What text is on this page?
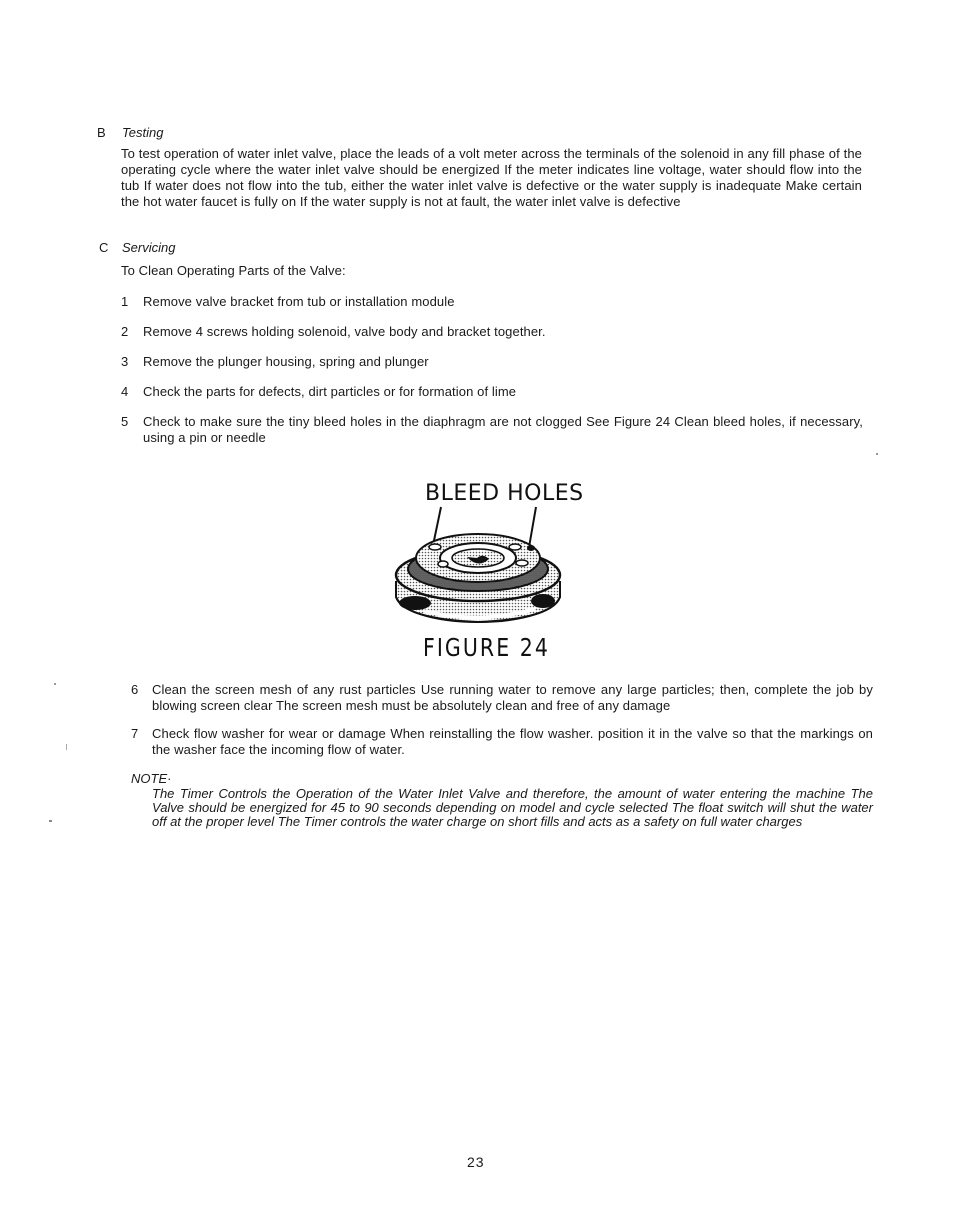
B Testing

To test operation of water inlet valve, place the leads of a volt meter across the terminals of the solenoid in any fill phase of the operating cycle where the water inlet valve should be energized If the meter indicates line voltage, water should flow into the tub If water does not flow into the tub, either the water inlet valve is defective or the water supply is inadequate Make certain the hot water faucet is fully on If the water supply is not at fault, the water inlet valve is defective

C Servicing

To Clean Operating Parts of the Valve:

1	Remove valve bracket from tub or installation module
2	Remove 4 screws holding solenoid, valve body and bracket together.
3	Remove the plunger housing, spring and plunger
4	Check the parts for defects, dirt particles or for formation of lime
5	Check to make sure the tiny bleed holes in the diaphragm are not clogged See Figure 24 Clean bleed holes, if necessary, using a pin or needle
BLEED HOLES
FIGURE 24
6	Clean the screen mesh of any rust particles Use running water to remove any large particles; then, complete the job by blowing screen clear The screen mesh must be absolutely clean and free of any damage
7	Check flow washer for wear or damage When reinstalling the flow washer. position it in the valve so that the markings on the washer face the incoming flow of water.
NOTE·

The Timer Controls the Operation of the Water Inlet Valve and therefore, the amount of water entering the machine The Valve should be energized for 45 to 90 seconds depending on model and cycle selected The float switch will shut the water off at the proper level The Timer controls the water charge on short fills and acts as a safety on full water charges

23
